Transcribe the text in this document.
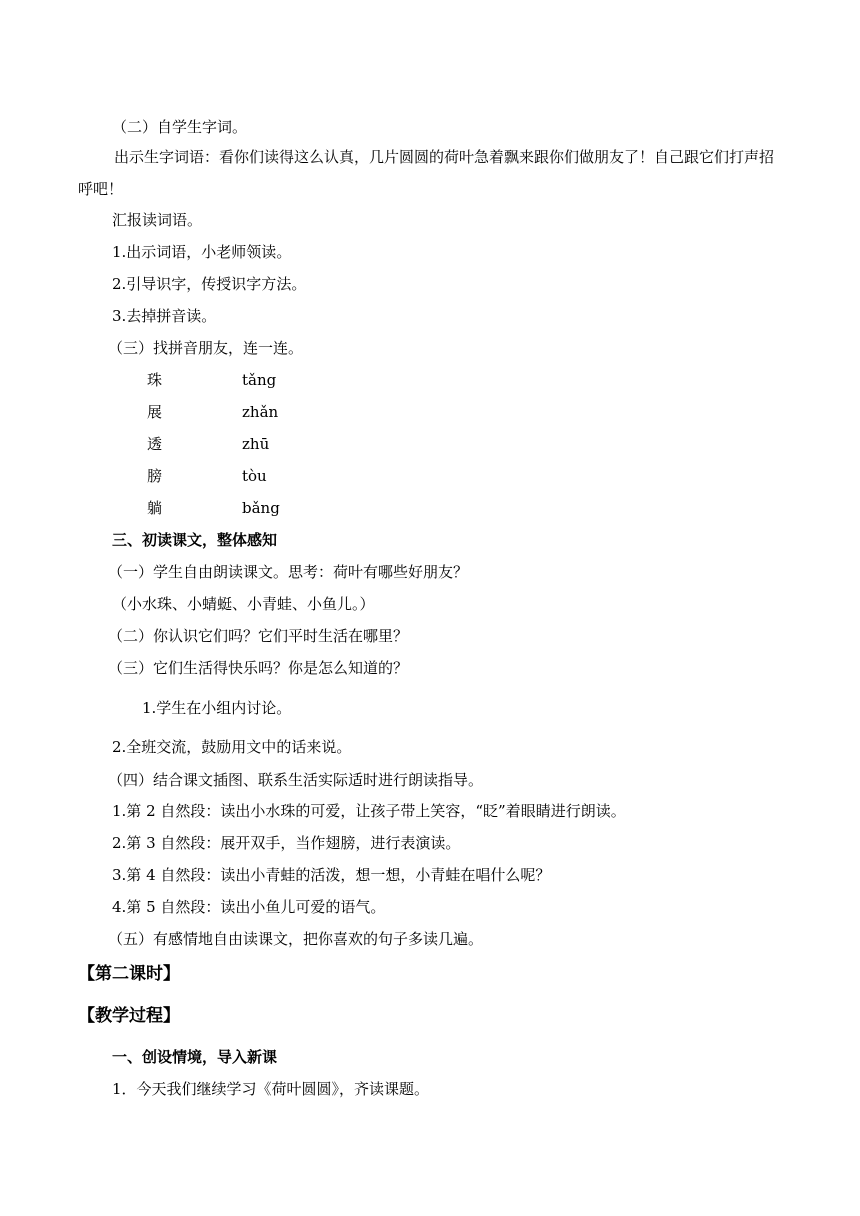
（二）自学生字词。
出示生字词语：看你们读得这么认真，几片圆圆的荷叶急着飘来跟你们做朋友了！自己跟它们打声招呼吧！
汇报读词语。
1.出示词语，小老师领读。
2.引导识字，传授识字方法。
3.去掉拼音读。
（三）找拼音朋友，连一连。
珠	tǎng
展	zhǎn
透	zhū
膀	tòu
躺	bǎng
三、初读课文，整体感知
（一）学生自由朗读课文。思考：荷叶有哪些好朋友？
（小水珠、小蜻蜓、小青蛙、小鱼儿。）
（二）你认识它们吗？它们平时生活在哪里？
（三）它们生活得快乐吗？你是怎么知道的？
1.学生在小组内讨论。
2.全班交流，鼓励用文中的话来说。
（四）结合课文插图、联系生活实际适时进行朗读指导。
1.第 2 自然段：读出小水珠的可爱，让孩子带上笑容，“眨”着眼睛进行朗读。
2.第 3 自然段：展开双手，当作翅膀，进行表演读。
3.第 4 自然段：读出小青蛙的活泼，想一想，小青蛙在唱什么呢？
4.第 5 自然段：读出小鱼儿可爱的语气。
（五）有感情地自由读课文，把你喜欢的句子多读几遍。
【第二课时】
【教学过程】
一、创设情境，导入新课
1．今天我们继续学习《荷叶圆圆》，齐读课题。
